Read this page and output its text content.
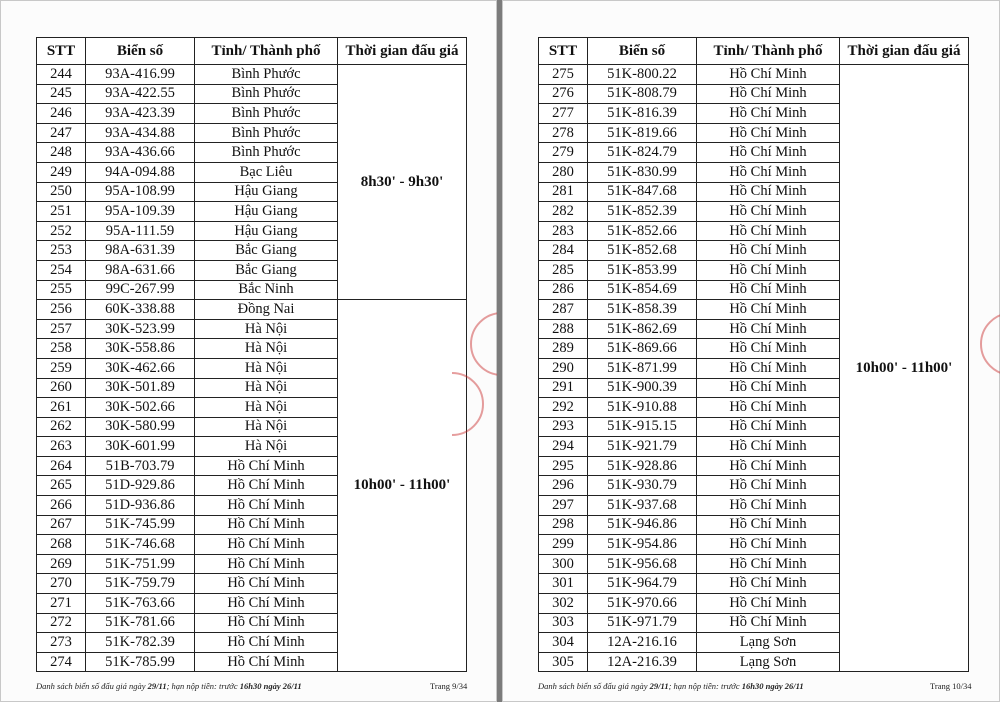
STT	Biển số	Tỉnh/ Thành phố	Thời gian đấu giá
244	93A-416.99	Bình Phước	8h30' - 9h30'
245	93A-422.55	Bình Phước	
246	93A-423.39	Bình Phước	
247	93A-434.88	Bình Phước	
248	93A-436.66	Bình Phước	
249	94A-094.88	Bạc Liêu	
250	95A-108.99	Hậu Giang	
251	95A-109.39	Hậu Giang	
252	95A-111.59	Hậu Giang	
253	98A-631.39	Bắc Giang	
254	98A-631.66	Bắc Giang	
255	99C-267.99	Bắc Ninh	
256	60K-338.88	Đồng Nai	10h00' - 11h00'
257	30K-523.99	Hà Nội	
258	30K-558.86	Hà Nội	
259	30K-462.66	Hà Nội	
260	30K-501.89	Hà Nội	
261	30K-502.66	Hà Nội	
262	30K-580.99	Hà Nội	
263	30K-601.99	Hà Nội	
264	51B-703.79	Hồ Chí Minh	
265	51D-929.86	Hồ Chí Minh	
266	51D-936.86	Hồ Chí Minh	
267	51K-745.99	Hồ Chí Minh	
268	51K-746.68	Hồ Chí Minh	
269	51K-751.99	Hồ Chí Minh	
270	51K-759.79	Hồ Chí Minh	
271	51K-763.66	Hồ Chí Minh	
272	51K-781.66	Hồ Chí Minh	
273	51K-782.39	Hồ Chí Minh	
274	51K-785.99	Hồ Chí Minh	
Danh sách biển số đấu giá ngày 29/11; hạn nộp tiền: trước 16h30 ngày 26/11	Trang 9/34
STT	Biển số	Tỉnh/ Thành phố	Thời gian đấu giá
275	51K-800.22	Hồ Chí Minh	10h00' - 11h00'
276	51K-808.79	Hồ Chí Minh	
277	51K-816.39	Hồ Chí Minh	
278	51K-819.66	Hồ Chí Minh	
279	51K-824.79	Hồ Chí Minh	
280	51K-830.99	Hồ Chí Minh	
281	51K-847.68	Hồ Chí Minh	
282	51K-852.39	Hồ Chí Minh	
283	51K-852.66	Hồ Chí Minh	
284	51K-852.68	Hồ Chí Minh	
285	51K-853.99	Hồ Chí Minh	
286	51K-854.69	Hồ Chí Minh	
287	51K-858.39	Hồ Chí Minh	
288	51K-862.69	Hồ Chí Minh	
289	51K-869.66	Hồ Chí Minh	
290	51K-871.99	Hồ Chí Minh	
291	51K-900.39	Hồ Chí Minh	
292	51K-910.88	Hồ Chí Minh	
293	51K-915.15	Hồ Chí Minh	
294	51K-921.79	Hồ Chí Minh	
295	51K-928.86	Hồ Chí Minh	
296	51K-930.79	Hồ Chí Minh	
297	51K-937.68	Hồ Chí Minh	
298	51K-946.86	Hồ Chí Minh	
299	51K-954.86	Hồ Chí Minh	
300	51K-956.68	Hồ Chí Minh	
301	51K-964.79	Hồ Chí Minh	
302	51K-970.66	Hồ Chí Minh	
303	51K-971.79	Hồ Chí Minh	
304	12A-216.16	Lạng Sơn	
305	12A-216.39	Lạng Sơn	
Danh sách biển số đấu giá ngày 29/11; hạn nộp tiền: trước 16h30 ngày 26/11	Trang 10/34
